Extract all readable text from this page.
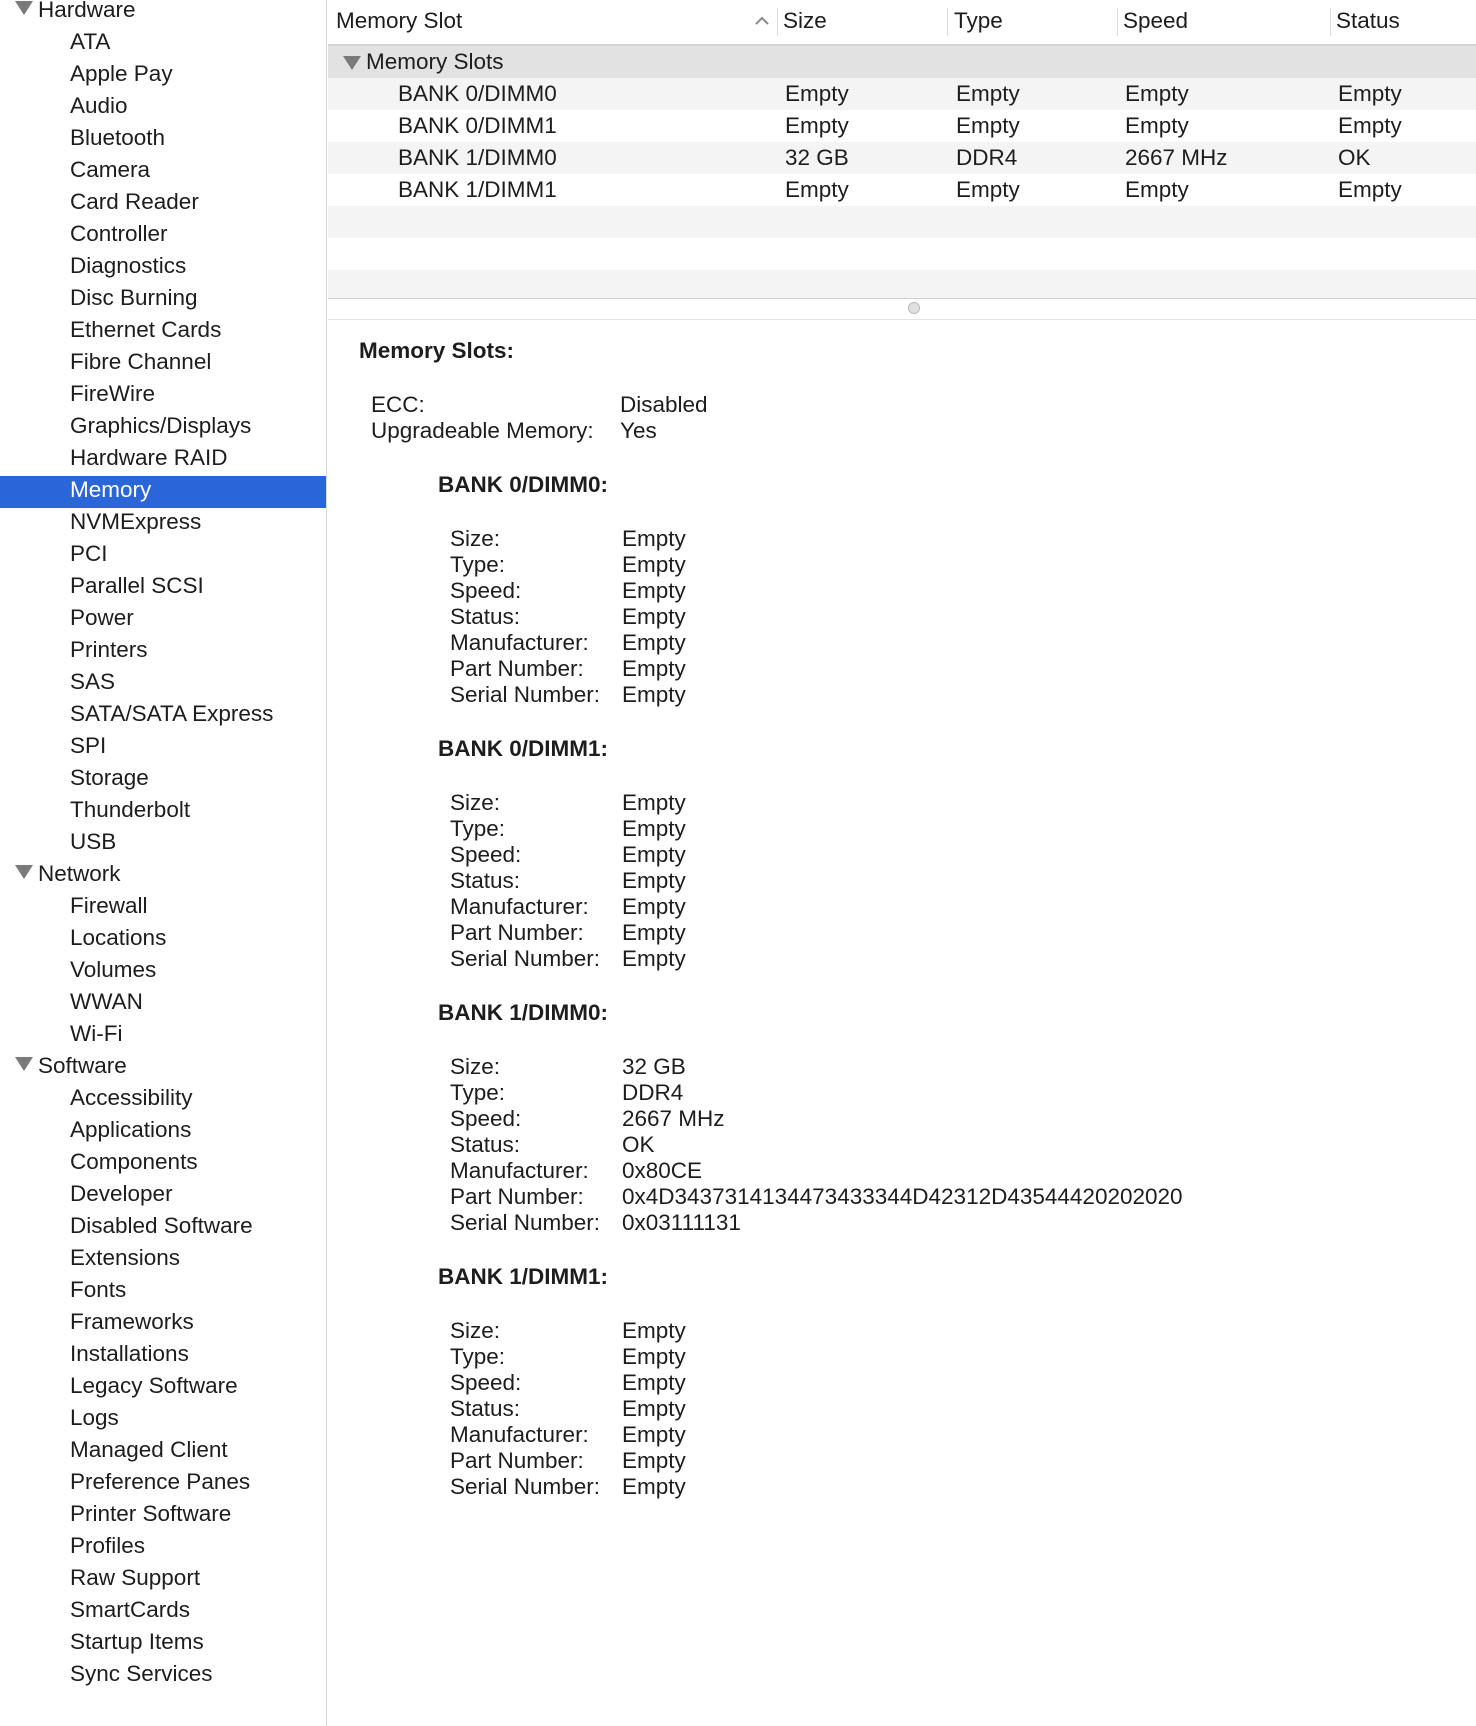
Hardware
ATA
Apple Pay
Audio
Bluetooth
Camera
Card Reader
Controller
Diagnostics
Disc Burning
Ethernet Cards
Fibre Channel
FireWire
Graphics/Displays
Hardware RAID
Memory
NVMExpress
PCI
Parallel SCSI
Power
Printers
SAS
SATA/SATA Express
SPI
Storage
Thunderbolt
USB
Network
Firewall
Locations
Volumes
WWAN
Wi-Fi
Software
Accessibility
Applications
Components
Developer
Disabled Software
Extensions
Fonts
Frameworks
Installations
Legacy Software
Logs
Managed Client
Preference Panes
Printer Software
Profiles
Raw Support
SmartCards
Startup Items
Sync Services
Memory Slot	Size	Type	Speed	Status
Memory Slots
BANK 0/DIMM0	Empty	Empty	Empty	Empty
BANK 0/DIMM1	Empty	Empty	Empty	Empty
BANK 1/DIMM0	32 GB	DDR4	2667 MHz	OK
BANK 1/DIMM1	Empty	Empty	Empty	Empty
Memory Slots:
ECC:	Disabled
Upgradeable Memory: Yes
BANK 0/DIMM0:
Size:	Empty
Type:	Empty
Speed:	Empty
Status:	Empty
Manufacturer: Empty
Part Number: Empty
Serial Number: Empty
BANK 0/DIMM1:
Size:	Empty
Type:	Empty
Speed:	Empty
Status:	Empty
Manufacturer: Empty
Part Number: Empty
Serial Number: Empty
BANK 1/DIMM0:
Size:	32 GB
Type:	DDR4
Speed:	2667 MHz
Status:	OK
Manufacturer: 0x80CE
Part Number: 0x4D3437314134473433344D42312D43544420202020
Serial Number: 0x03111131
BANK 1/DIMM1:
Size:	Empty
Type:	Empty
Speed:	Empty
Status:	Empty
Manufacturer: Empty
Part Number: Empty
Serial Number: Empty
